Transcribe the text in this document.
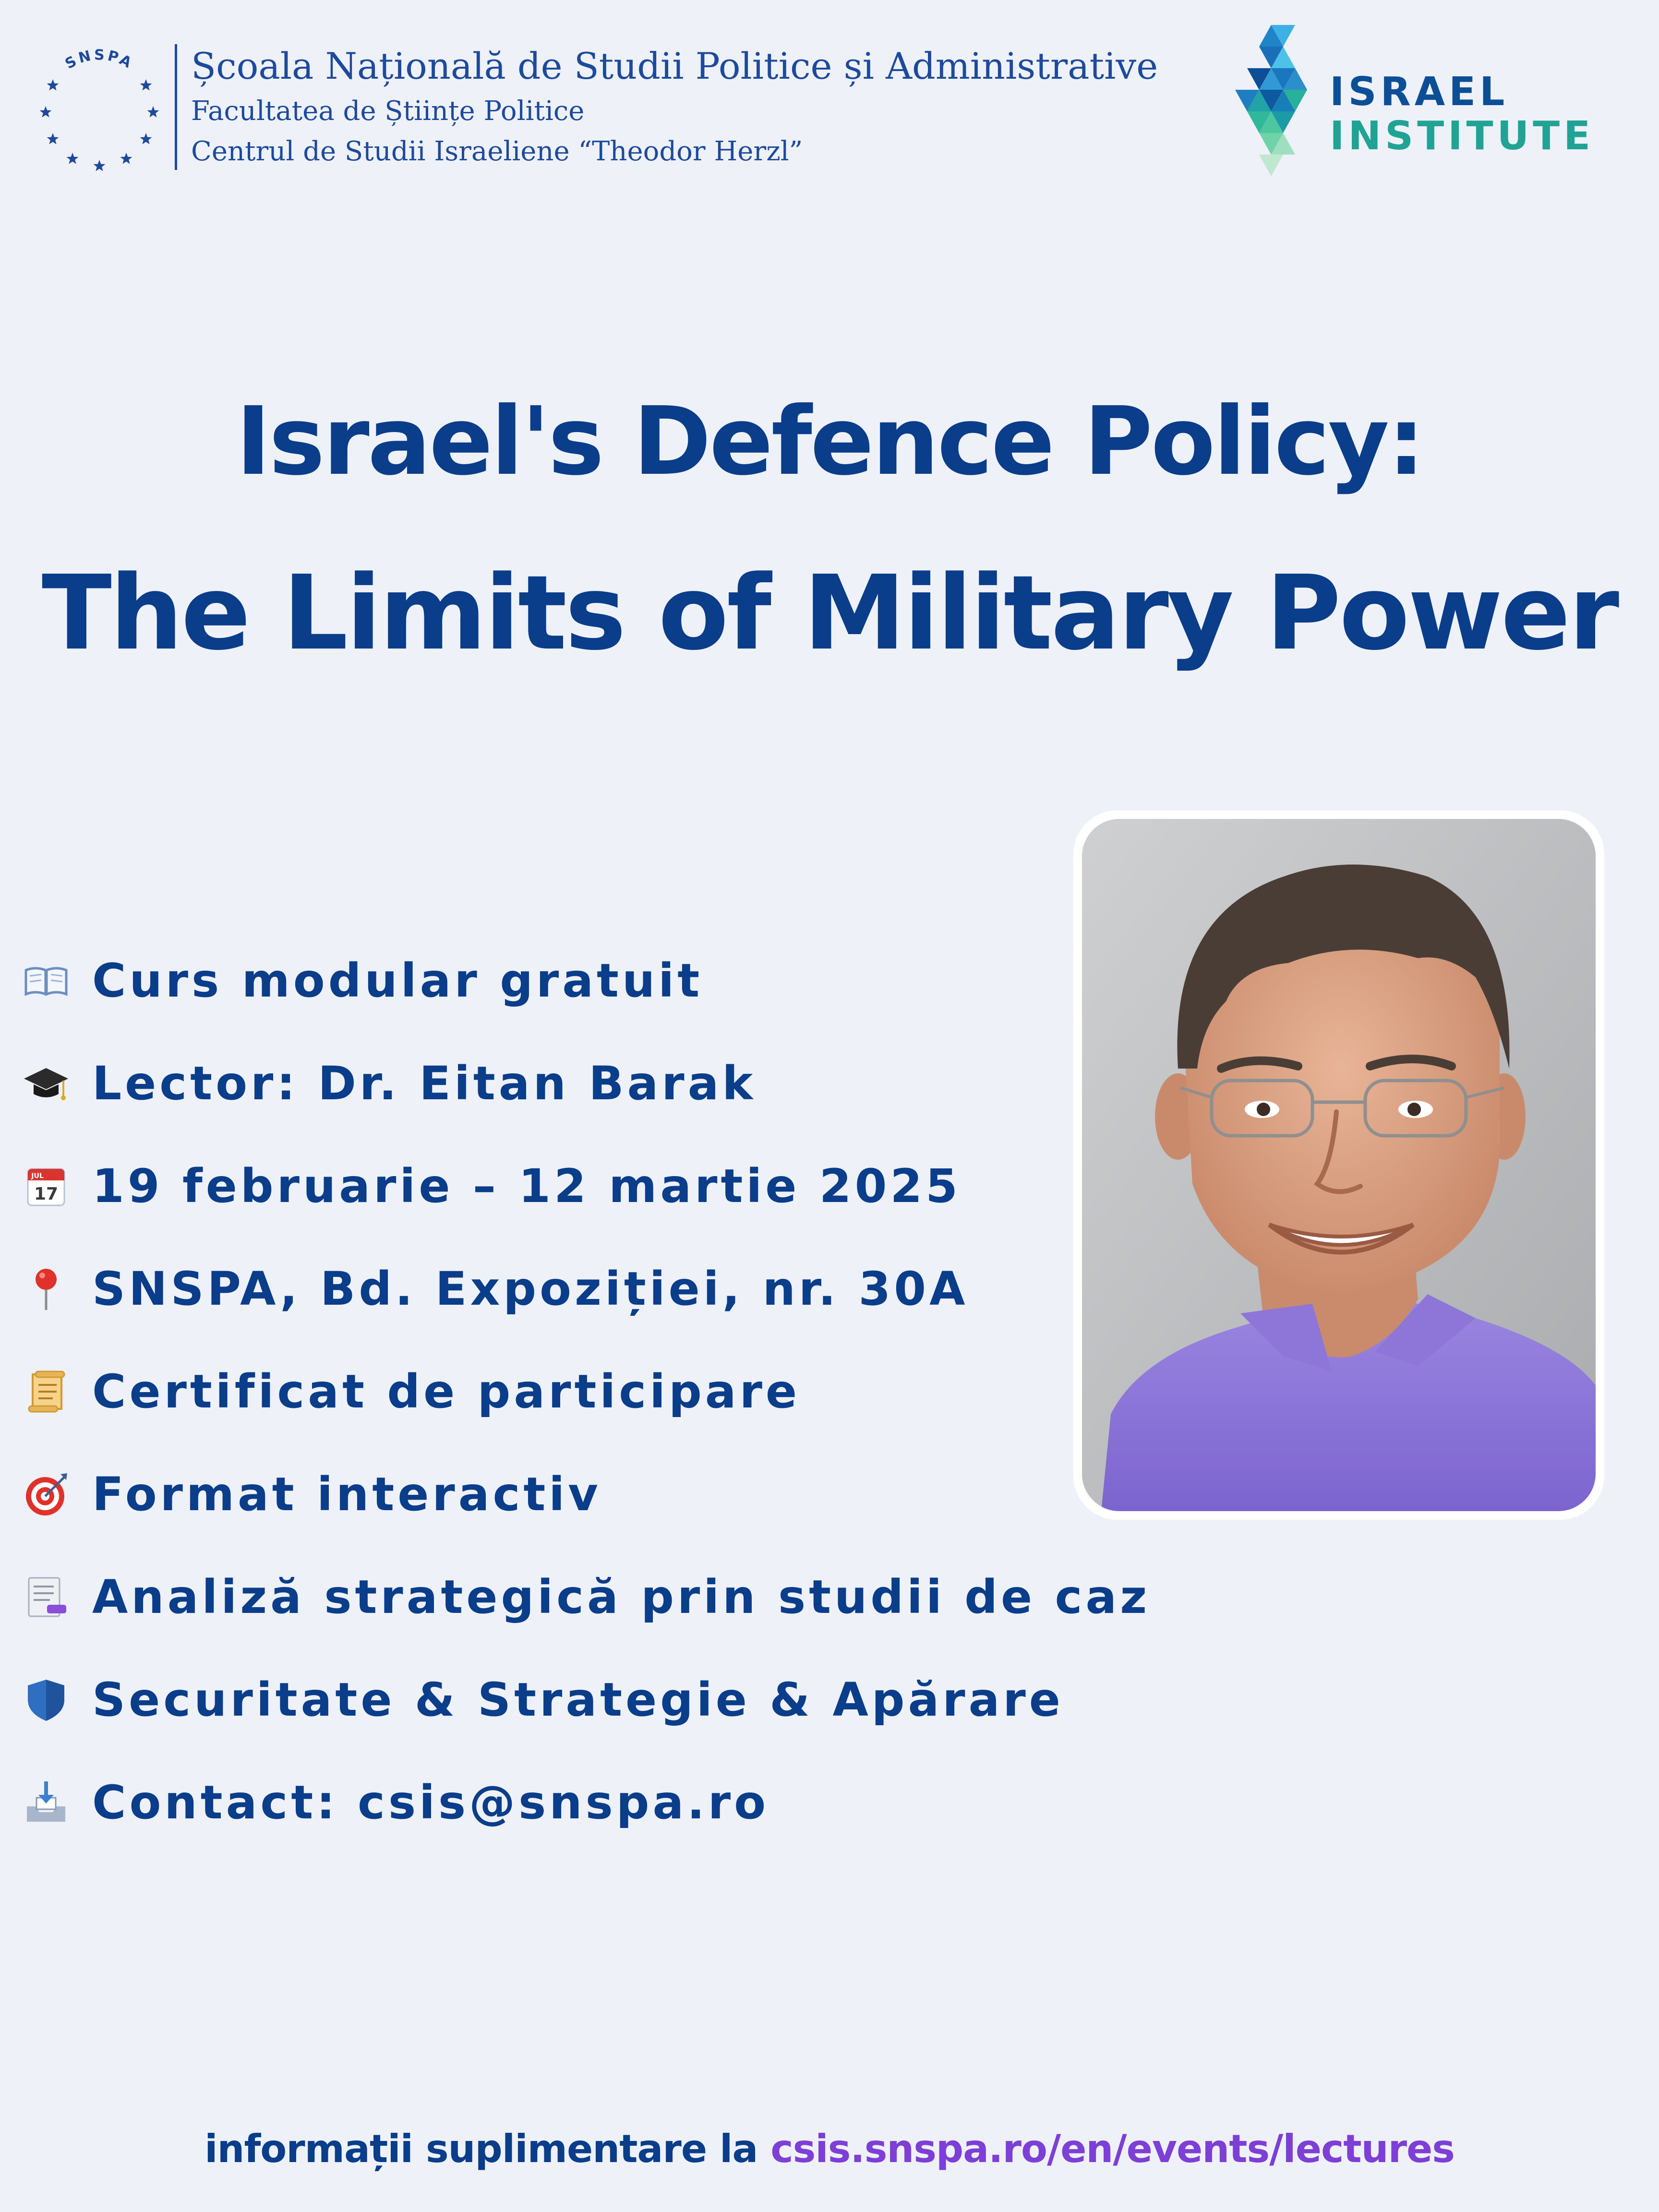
SNSPA Școala Națională de Studii Politice și Administrative
Facultatea de Științe Politice
Centrul de Studii Israeliene “Theodor Herzl”
ISRAEL
INSTITUTE
Israel's Defence Policy:
The Limits of Military Power
Curs modular gratuit
Lector: Dr. Eitan Barak
JUL
17 19 februarie – 12 martie 2025
SNSPA, Bd. Expoziției, nr. 30A
Certificat de participare
Format interactiv
Analiză strategică prin studii de caz
Securitate & Strategie & Apărare
Contact: csis@snspa.ro
informații suplimentare la csis.snspa.ro/en/events/lectures
